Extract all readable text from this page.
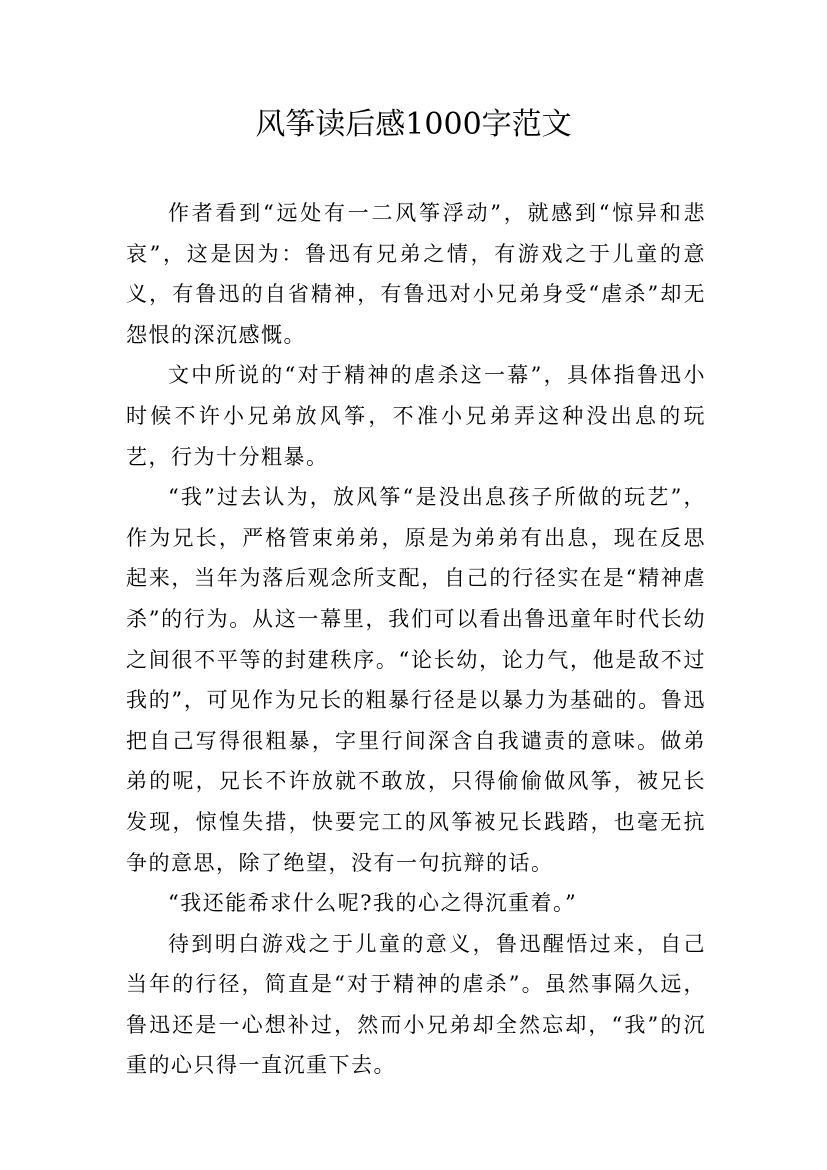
风筝读后感1000字范文

作者看到“远处有一二风筝浮动”，就感到“惊异和悲哀”，这是因为：鲁迅有兄弟之情，有游戏之于儿童的意义，有鲁迅的自省精神，有鲁迅对小兄弟身受“虐杀”却无怨恨的深沉感慨。

文中所说的“对于精神的虐杀这一幕”，具体指鲁迅小时候不许小兄弟放风筝，不准小兄弟弄这种没出息的玩艺，行为十分粗暴。

“我”过去认为，放风筝“是没出息孩子所做的玩艺”，作为兄长，严格管束弟弟，原是为弟弟有出息，现在反思起来，当年为落后观念所支配，自己的行径实在是“精神虐杀”的行为。从这一幕里，我们可以看出鲁迅童年时代长幼之间很不平等的封建秩序。“论长幼，论力气，他是敌不过我的”，可见作为兄长的粗暴行径是以暴力为基础的。鲁迅把自己写得很粗暴，字里行间深含自我谴责的意味。做弟弟的呢，兄长不许放就不敢放，只得偷偷做风筝，被兄长发现，惊惶失措，快要完工的风筝被兄长践踏，也毫无抗争的意思，除了绝望，没有一句抗辩的话。

“我还能希求什么呢?我的心之得沉重着。”

待到明白游戏之于儿童的意义，鲁迅醒悟过来，自己当年的行径，简直是“对于精神的虐杀”。虽然事隔久远，鲁迅还是一心想补过，然而小兄弟却全然忘却，“我”的沉重的心只得一直沉重下去。
